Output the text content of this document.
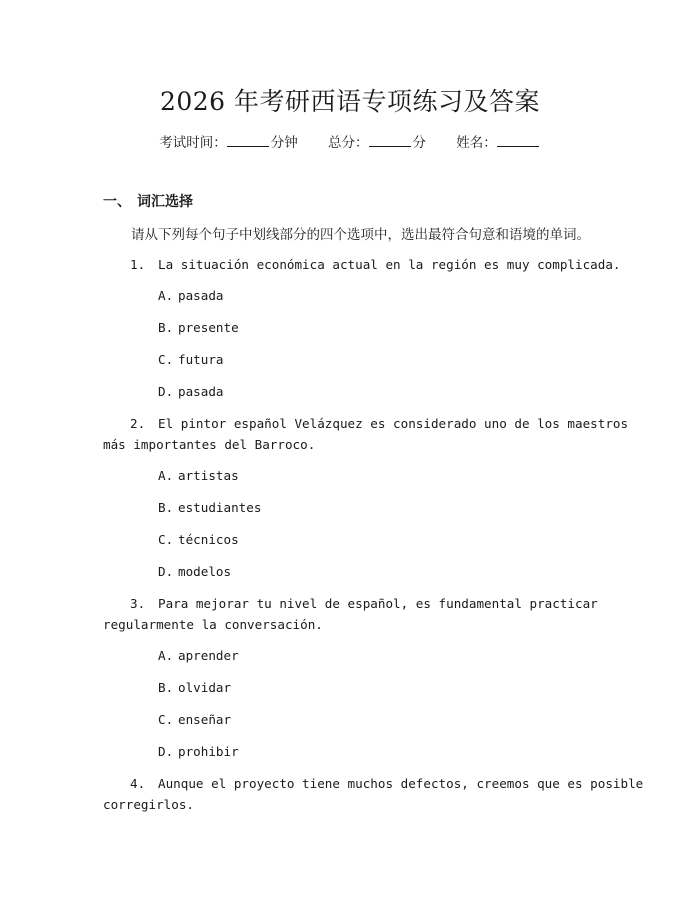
2026 年考研西语专项练习及答案
考试时间：	分钟 总分：	分 姓名：
一、 词汇选择
请从下列每个句子中划线部分的四个选项中，选出最符合句意和语境的单词。
1. La situación económica actual en la región es muy complicada.
A. pasada
B. presente
C. futura
D. pasada
2. El pintor español Velázquez es considerado uno de los maestros
más importantes del Barroco.
A. artistas
B. estudiantes
C. técnicos
D. modelos
3. Para mejorar tu nivel de español, es fundamental practicar
regularmente la conversación.
A. aprender
B. olvidar
C. enseñar
D. prohibir
4. Aunque el proyecto tiene muchos defectos, creemos que es posible
corregirlos.
